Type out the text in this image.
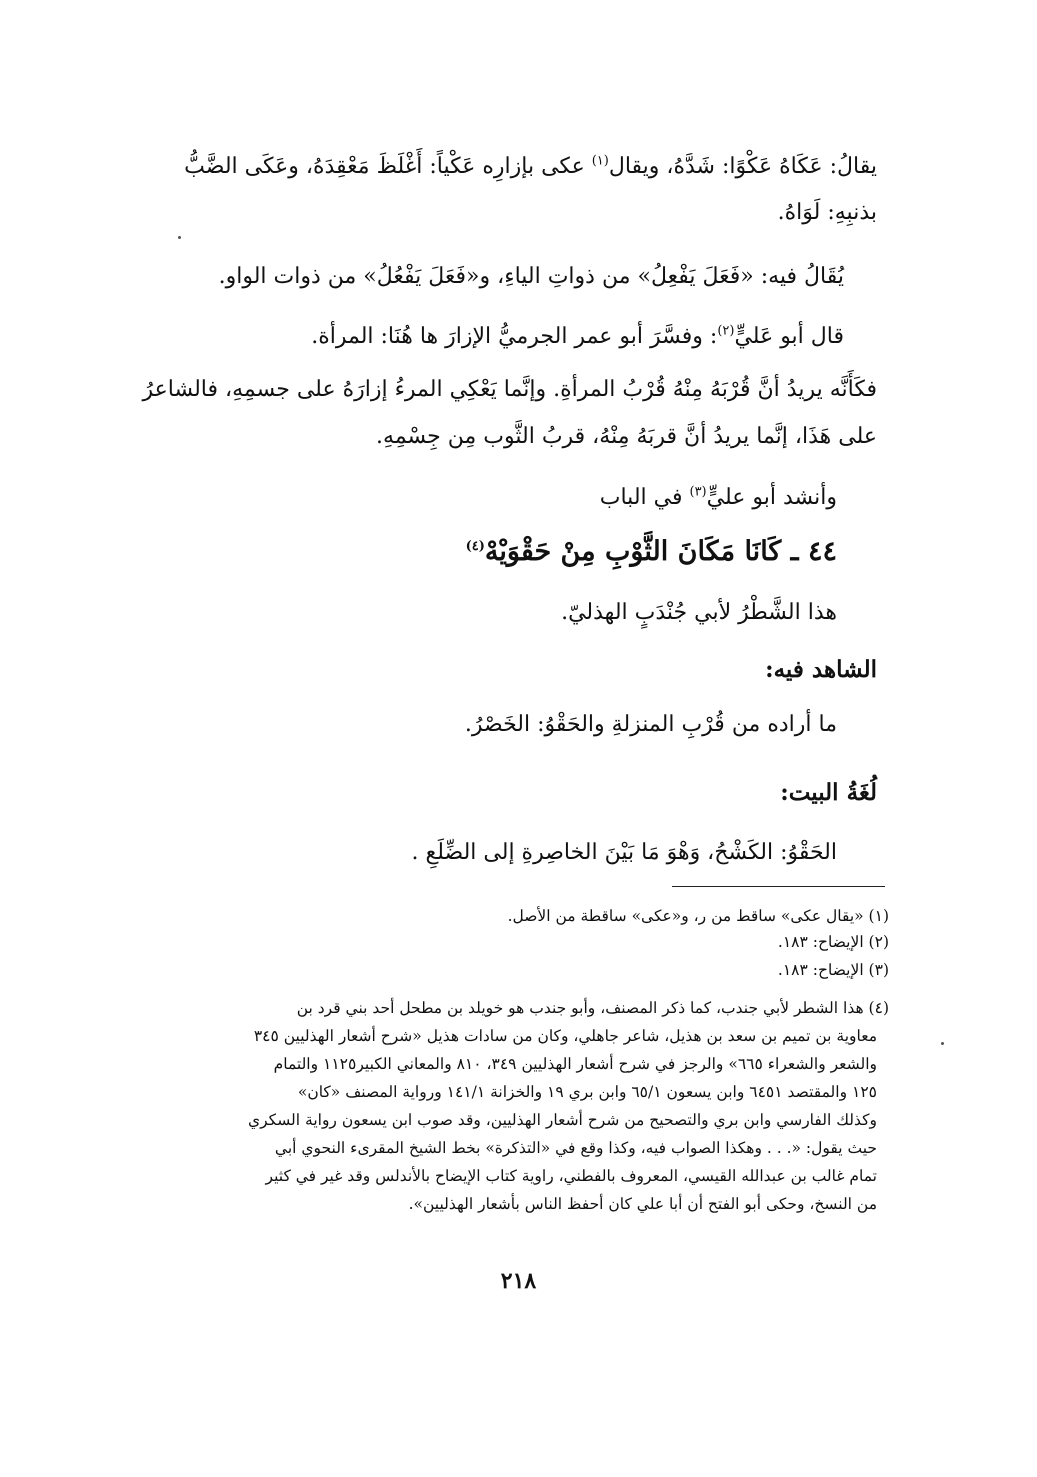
يقالُ: عَكَاهُ عَكْوًا: شَدَّهُ، ويقال$^{(١)}$ عكى بإزارِه عَكْياً: أَغْلَظَ مَعْقِدَهُ، وعَكَى الضَّبُّ
بذنبِهِ: لَوَاهُ.
يُقَالُ فيه: «فَعَلَ يَفْعِلُ» من ذواتِ الياءِ، و«فَعَلَ يَفْعُلُ» من ذوات الواو.
قال أبو عَليٍّ$^{(٢)}$: وفسَّرَ أبو عمر الجرميُّ الإزارَ ها هُنَا: المرأة.
فكَأَنَّه يريدُ أنَّ قُرْبَهُ مِنْهُ قُرْبُ المرأةِ. وإنَّما يَعْكِي المرءُ إزارَهُ على جسمِهِ، فالشاعرُ
على هَذَا، إنَّما يريدُ أنَّ قربَهُ مِنْهُ، قربُ الثَّوب مِن جِسْمِهِ.
وأنشد أبو عليٍّ$^{(٣)}$ في الباب
٤٤ ـ كَانَا مَكَانَ الثَّوْبِ مِنْ حَقْوَيْهْ$^{(٤)}$
هذا الشَّطْرُ لأبي جُنْدَبٍ الهذليّ.
الشاهد فيه:
ما أراده من قُرْبِ المنزلةِ والحَقْوُ: الخَصْرُ.
لُغَةُ البيت:
الحَقْوُ: الكَشْحُ، وَهْوَ مَا بَيْنَ الخاصِرةِ إلى الضِّلَعِ .
(١) «يقال عكى» ساقط من ر، و«عكى» ساقطة من الأصل.
(٢) الإيضاح: ١٨٣.
(٣) الإيضاح: ١٨٣.
(٤) هذا الشطر لأبي جندب، كما ذكر المصنف، وأبو جندب هو خويلد بن مطحل أحد بني قرد بن
معاوية بن تميم بن سعد بن هذيل، شاعر جاهلي، وكان من سادات هذيل «شرح أشعار الهذليين ٣٤٥
والشعر والشعراء ٦٦٥» والرجز في شرح أشعار الهذليين ٣٤٩، ٨١٠ والمعاني الكبير١١٢٥ والتمام
١٢٥ والمقتصد ٦٤٥١ وابن يسعون ٦٥/١ وابن بري ١٩ والخزانة ١٤١/١ ورواية المصنف «كان»
وكذلك الفارسي وابن بري والتصحيح من شرح أشعار الهذليين، وقد صوب ابن يسعون رواية السكري
حيث يقول: «. . . وهكذا الصواب فيه، وكذا وقع في «التذكرة» بخط الشيخ المقرىء النحوي أبي
تمام غالب بن عبدالله القيسي، المعروف بالفطني، راوية كتاب الإيضاح بالأندلس وقد غير في كثير
من النسخ، وحكى أبو الفتح أن أبا علي كان أحفظ الناس بأشعار الهذليين».
٢١٨
